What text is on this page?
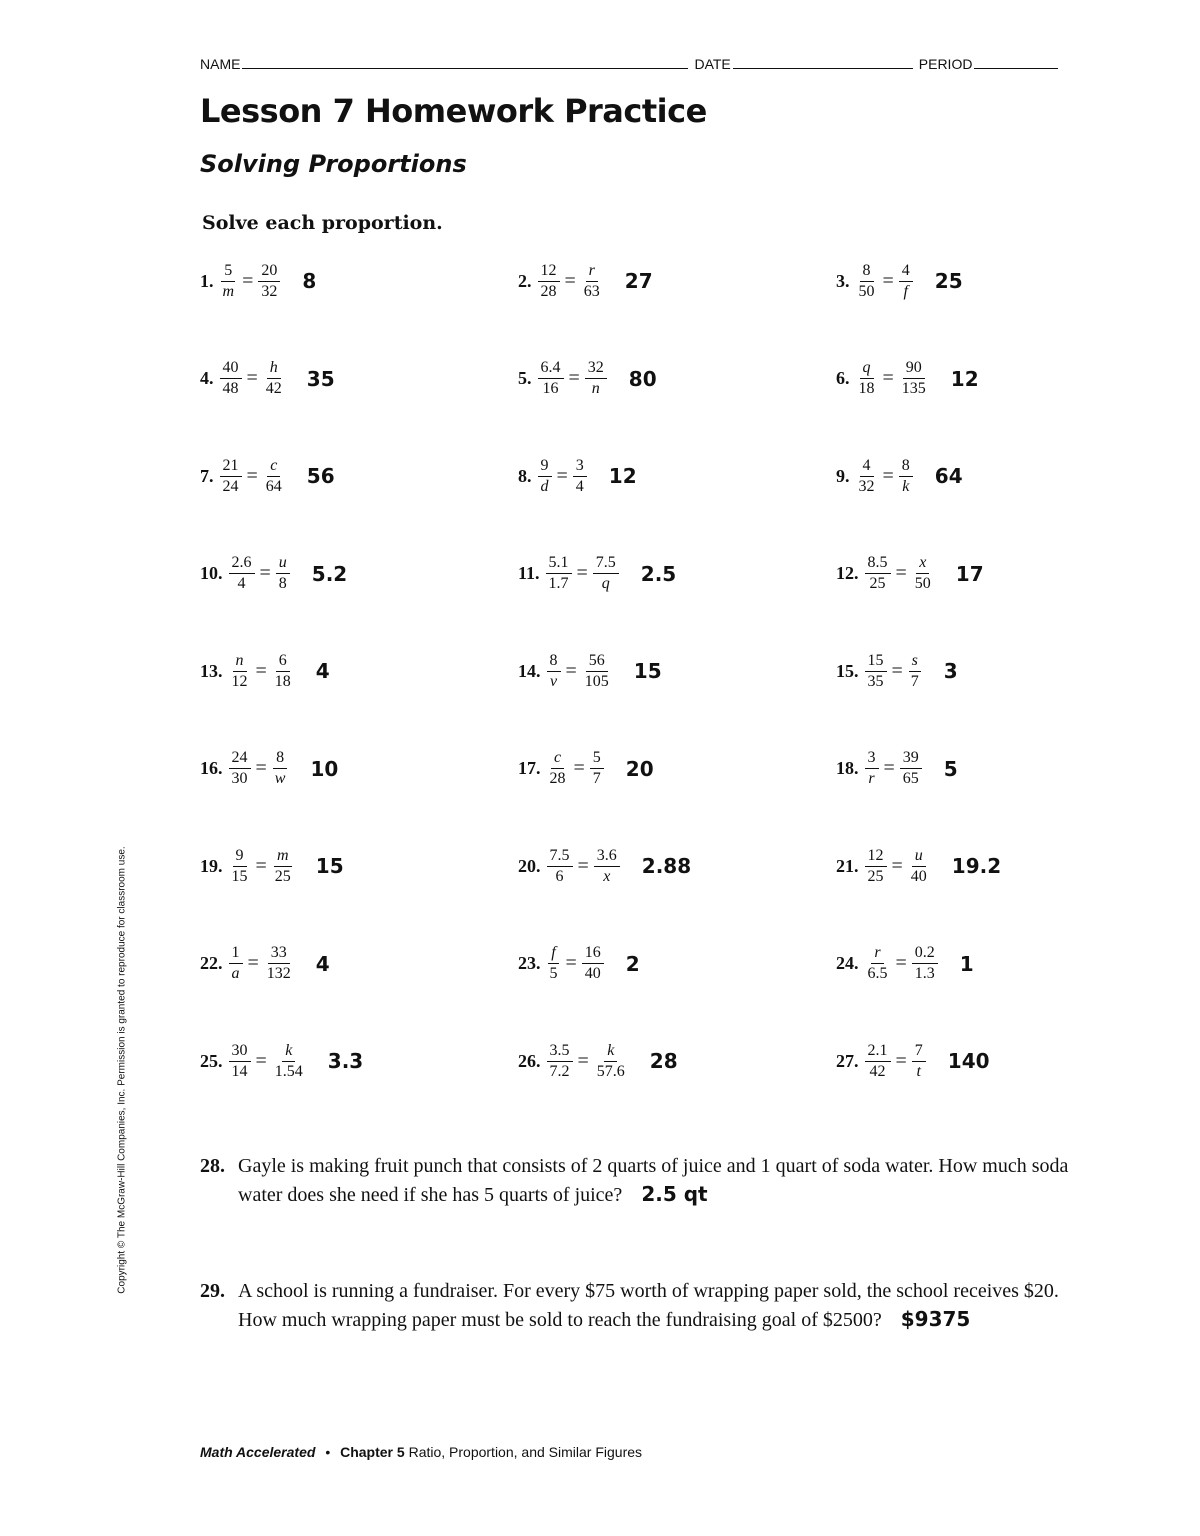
NAME	DATE	PERIOD
Lesson 7 Homework Practice
Solving Proportions
Solve each proportion.
1. $\frac{5}{m} = \frac{20}{32} 8$	2. $\frac{12}{28} = \frac{r}{63} 27$	3. $\frac{8}{50} = \frac{4}{f} 25$
4. $\frac{40}{48} = \frac{h}{42} 35$	5. $\frac{6.4}{16} = \frac{32}{n} 80$	6. $\frac{q}{18} = \frac{90}{135} 12$
7. $\frac{21}{24} = \frac{c}{64} 56$	8. $\frac{9}{d} = \frac{3}{4} 12$	9. $\frac{4}{32} = \frac{8}{k} 64$
10. $\frac{2.6}{4} = \frac{u}{8} 5.2$	11. $\frac{5.1}{1.7} = \frac{7.5}{q} 2.5$	12. $\frac{8.5}{25} = \frac{x}{50} 17$
13. $\frac{n}{12} = \frac{6}{18} 4$	14. $\frac{8}{v} = \frac{56}{105} 15$	15. $\frac{15}{35} = \frac{s}{7} 3$
16. $\frac{24}{30} = \frac{8}{w} 10$	17. $\frac{c}{28} = \frac{5}{7} 20$	18. $\frac{3}{r} = \frac{39}{65} 5$
19. $\frac{9}{15} = \frac{m}{25} 15$	20. $\frac{7.5}{6} = \frac{3.6}{x} 2.88$	21. $\frac{12}{25} = \frac{u}{40} 19.2$
22. $\frac{1}{a} = \frac{33}{132} 4$	23. $\frac{f}{5} = \frac{16}{40} 2$	24. $\frac{r}{6.5} = \frac{0.2}{1.3} 1$
25. $\frac{30}{14} = \frac{k}{1.54} 3.3$	26. $\frac{3.5}{7.2} = \frac{k}{57.6} 28$	27. $\frac{2.1}{42} = \frac{7}{t} 140$
28. Gayle is making fruit punch that consists of 2 quarts of juice and 1 quart of soda water. How much soda water does she need if she has 5 quarts of juice? 2.5 qt
29. A school is running a fundraiser. For every $75 worth of wrapping paper sold, the school receives $20. How much wrapping paper must be sold to reach the fundraising goal of $2500? $9375
Copyright © The McGraw-Hill Companies, Inc. Permission is granted to reproduce for classroom use.
Math Accelerated • Chapter 5 Ratio, Proportion, and Similar Figures
